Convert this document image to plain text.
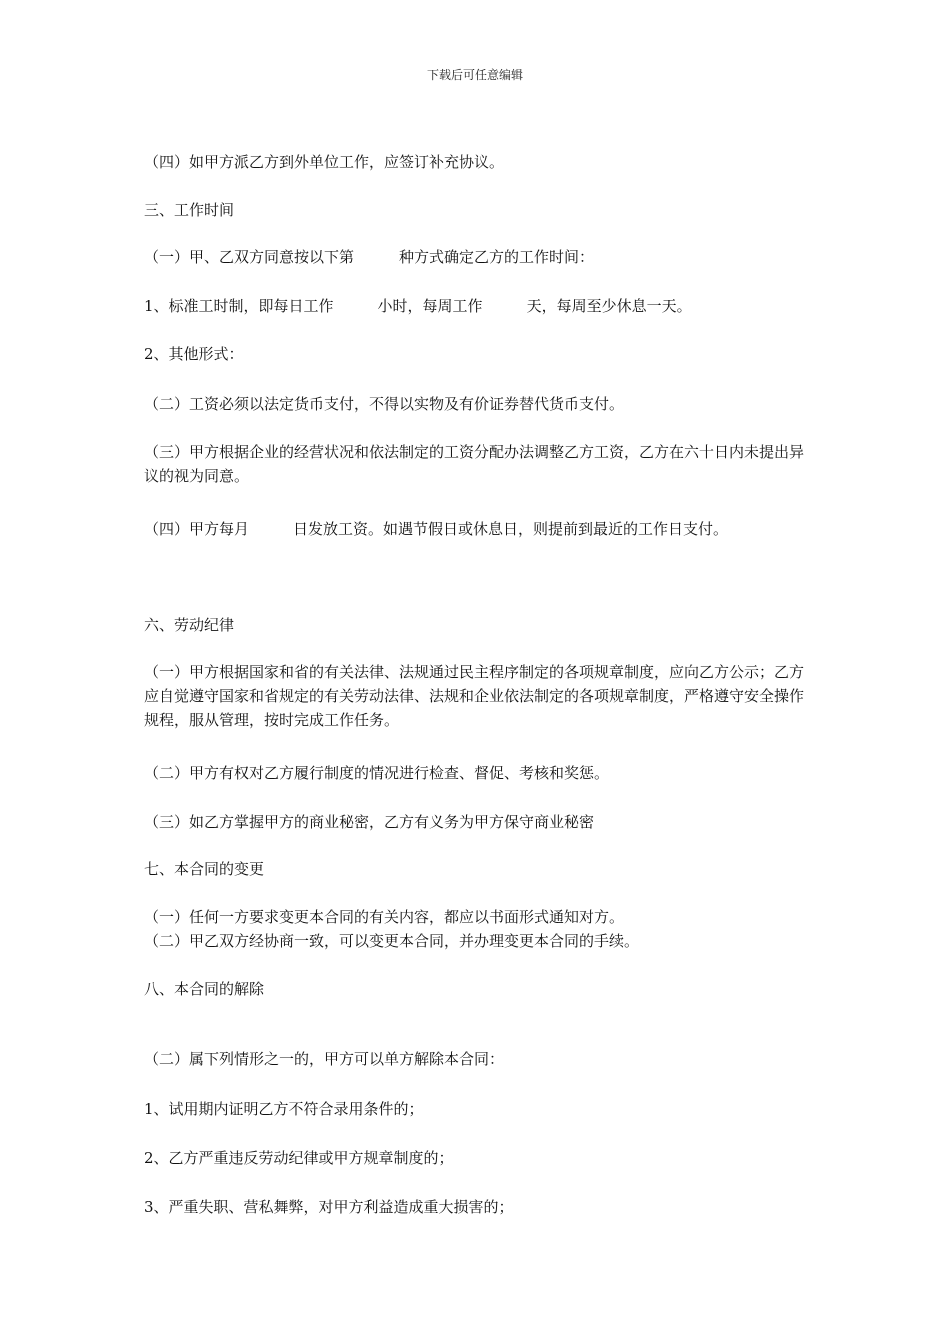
下载后可任意编辑
（四）如甲方派乙方到外单位工作，应签订补充协议。
三、工作时间
（一）甲、乙双方同意按以下第	种方式确定乙方的工作时间：
1、标准工时制，即每日工作	小时，每周工作	天，每周至少休息一天。
2、其他形式：
（二）工资必须以法定货币支付，不得以实物及有价证券替代货币支付。
（三）甲方根据企业的经营状况和依法制定的工资分配办法调整乙方工资，乙方在六十日内未提出异议的视为同意。
（四）甲方每月	日发放工资。如遇节假日或休息日，则提前到最近的工作日支付。
六、劳动纪律
（一）甲方根据国家和省的有关法律、法规通过民主程序制定的各项规章制度，应向乙方公示；乙方应自觉遵守国家和省规定的有关劳动法律、法规和企业依法制定的各项规章制度，严格遵守安全操作规程，服从管理，按时完成工作任务。
（二）甲方有权对乙方履行制度的情况进行检查、督促、考核和奖惩。
（三）如乙方掌握甲方的商业秘密，乙方有义务为甲方保守商业秘密
七、本合同的变更
（一）任何一方要求变更本合同的有关内容，都应以书面形式通知对方。
（二）甲乙双方经协商一致，可以变更本合同，并办理变更本合同的手续。
八、本合同的解除
（二）属下列情形之一的，甲方可以单方解除本合同：
1、试用期内证明乙方不符合录用条件的；
2、乙方严重违反劳动纪律或甲方规章制度的；
3、严重失职、营私舞弊，对甲方利益造成重大损害的；
